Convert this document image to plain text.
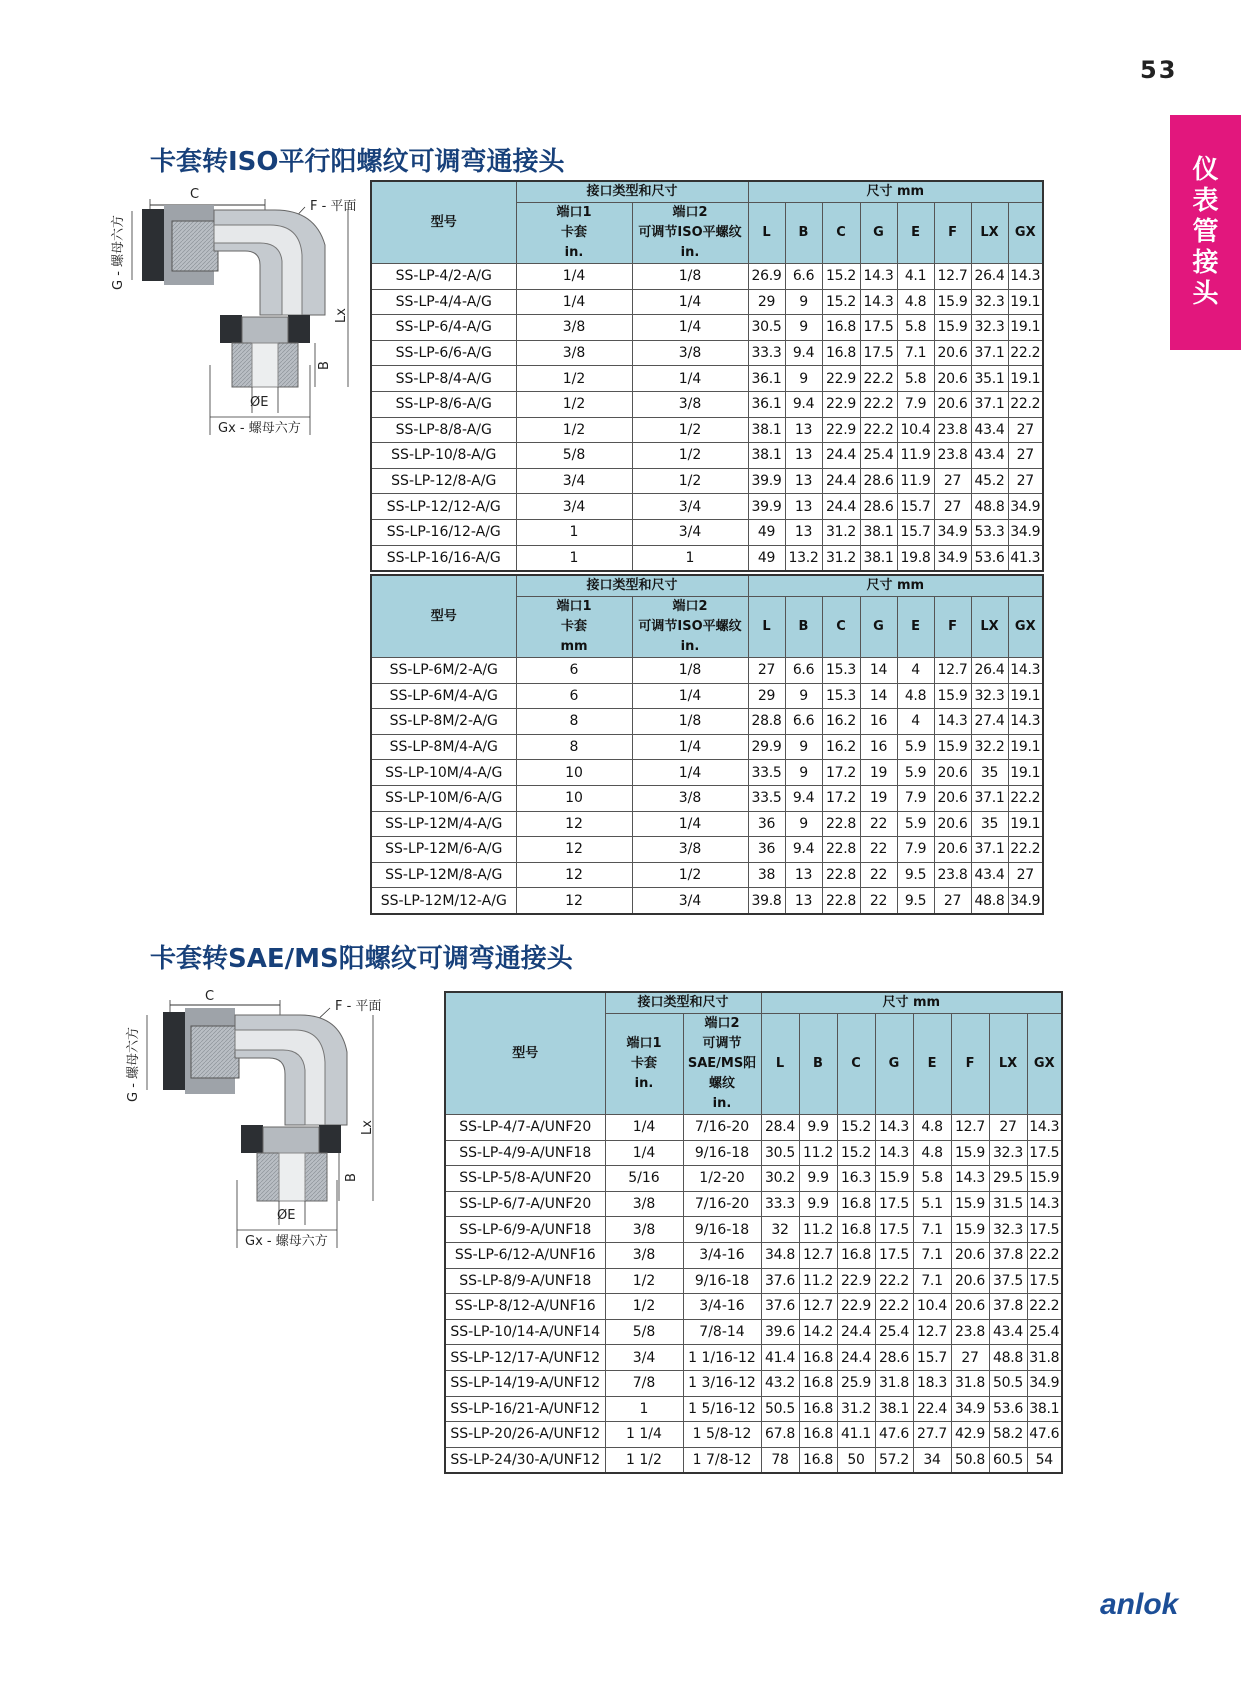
53
仪
表
管
接
头
卡套转ISO平行阳螺纹可调弯通接头
C
F - 平面
G - 螺母六方
Lx
B
ØE
Gx - 螺母六方
型号	接口类型和尺寸		尺寸 mm							
	端口1
卡套
in.	端口2
可调节ISO平螺纹
in.	L	B	C	G	E	F	LX	GX
SS-LP-4/2-A/G	1/4	1/8	26.9	6.6	15.2	14.3	4.1	12.7	26.4	14.3
SS-LP-4/4-A/G	1/4	1/4	29	9	15.2	14.3	4.8	15.9	32.3	19.1
SS-LP-6/4-A/G	3/8	1/4	30.5	9	16.8	17.5	5.8	15.9	32.3	19.1
SS-LP-6/6-A/G	3/8	3/8	33.3	9.4	16.8	17.5	7.1	20.6	37.1	22.2
SS-LP-8/4-A/G	1/2	1/4	36.1	9	22.9	22.2	5.8	20.6	35.1	19.1
SS-LP-8/6-A/G	1/2	3/8	36.1	9.4	22.9	22.2	7.9	20.6	37.1	22.2
SS-LP-8/8-A/G	1/2	1/2	38.1	13	22.9	22.2	10.4	23.8	43.4	27
SS-LP-10/8-A/G	5/8	1/2	38.1	13	24.4	25.4	11.9	23.8	43.4	27
SS-LP-12/8-A/G	3/4	1/2	39.9	13	24.4	28.6	11.9	27	45.2	27
SS-LP-12/12-A/G	3/4	3/4	39.9	13	24.4	28.6	15.7	27	48.8	34.9
SS-LP-16/12-A/G	1	3/4	49	13	31.2	38.1	15.7	34.9	53.3	34.9
SS-LP-16/16-A/G	1	1	49	13.2	31.2	38.1	19.8	34.9	53.6	41.3
型号	接口类型和尺寸		尺寸 mm							
	端口1
卡套
mm	端口2
可调节ISO平螺纹
in.	L	B	C	G	E	F	LX	GX
SS-LP-6M/2-A/G	6	1/8	27	6.6	15.3	14	4	12.7	26.4	14.3
SS-LP-6M/4-A/G	6	1/4	29	9	15.3	14	4.8	15.9	32.3	19.1
SS-LP-8M/2-A/G	8	1/8	28.8	6.6	16.2	16	4	14.3	27.4	14.3
SS-LP-8M/4-A/G	8	1/4	29.9	9	16.2	16	5.9	15.9	32.2	19.1
SS-LP-10M/4-A/G	10	1/4	33.5	9	17.2	19	5.9	20.6	35	19.1
SS-LP-10M/6-A/G	10	3/8	33.5	9.4	17.2	19	7.9	20.6	37.1	22.2
SS-LP-12M/4-A/G	12	1/4	36	9	22.8	22	5.9	20.6	35	19.1
SS-LP-12M/6-A/G	12	3/8	36	9.4	22.8	22	7.9	20.6	37.1	22.2
SS-LP-12M/8-A/G	12	1/2	38	13	22.8	22	9.5	23.8	43.4	27
SS-LP-12M/12-A/G	12	3/4	39.8	13	22.8	22	9.5	27	48.8	34.9
卡套转SAE/MS阳螺纹可调弯通接头
C
F - 平面
G - 螺母六方
Lx
B
ØE
Gx - 螺母六方
型号	接口类型和尺寸		尺寸 mm							
	端口1
卡套
in.	端口2
可调节
SAE/MS阳
螺纹
in.	L	B	C	G	E	F	LX	GX
SS-LP-4/7-A/UNF20	1/4	7/16-20	28.4	9.9	15.2	14.3	4.8	12.7	27	14.3
SS-LP-4/9-A/UNF18	1/4	9/16-18	30.5	11.2	15.2	14.3	4.8	15.9	32.3	17.5
SS-LP-5/8-A/UNF20	5/16	1/2-20	30.2	9.9	16.3	15.9	5.8	14.3	29.5	15.9
SS-LP-6/7-A/UNF20	3/8	7/16-20	33.3	9.9	16.8	17.5	5.1	15.9	31.5	14.3
SS-LP-6/9-A/UNF18	3/8	9/16-18	32	11.2	16.8	17.5	7.1	15.9	32.3	17.5
SS-LP-6/12-A/UNF16	3/8	3/4-16	34.8	12.7	16.8	17.5	7.1	20.6	37.8	22.2
SS-LP-8/9-A/UNF18	1/2	9/16-18	37.6	11.2	22.9	22.2	7.1	20.6	37.5	17.5
SS-LP-8/12-A/UNF16	1/2	3/4-16	37.6	12.7	22.9	22.2	10.4	20.6	37.8	22.2
SS-LP-10/14-A/UNF14	5/8	7/8-14	39.6	14.2	24.4	25.4	12.7	23.8	43.4	25.4
SS-LP-12/17-A/UNF12	3/4	1 1/16-12	41.4	16.8	24.4	28.6	15.7	27	48.8	31.8
SS-LP-14/19-A/UNF12	7/8	1 3/16-12	43.2	16.8	25.9	31.8	18.3	31.8	50.5	34.9
SS-LP-16/21-A/UNF12	1	1 5/16-12	50.5	16.8	31.2	38.1	22.4	34.9	53.6	38.1
SS-LP-20/26-A/UNF12	1 1/4	1 5/8-12	67.8	16.8	41.1	47.6	27.7	42.9	58.2	47.6
SS-LP-24/30-A/UNF12	1 1/2	1 7/8-12	78	16.8	50	57.2	34	50.8	60.5	54
anlok
